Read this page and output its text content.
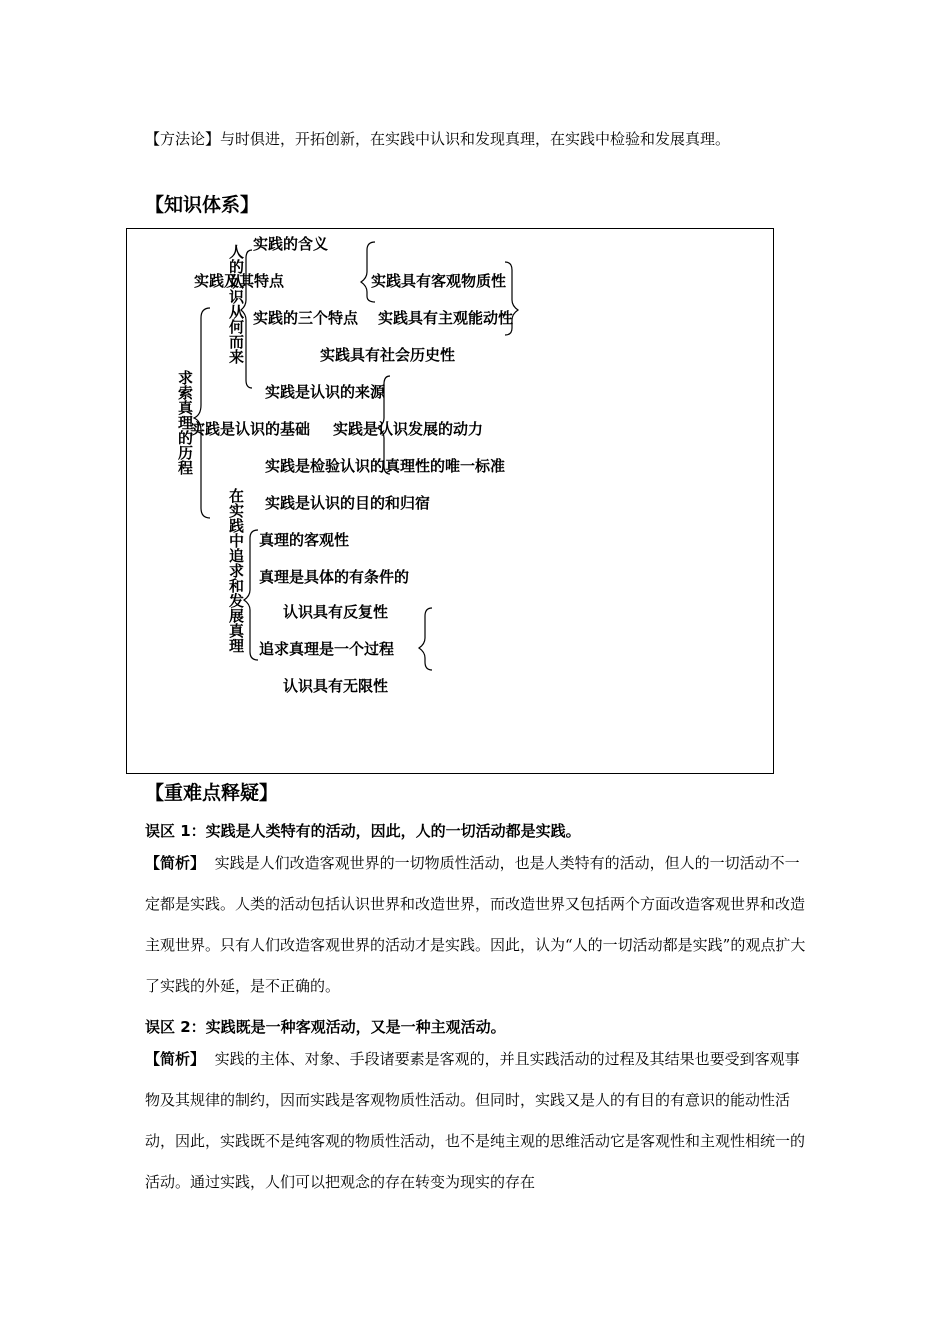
【方法论】与时俱进，开拓创新，在实践中认识和发现真理，在实践中检验和发展真理。
【知识体系】
求索真理的历程
人的认识从何而来
在实践中追求和发展真理
实践的含义
实践及其特点	实践具有客观物质性
实践的三个特点 实践具有主观能动性
实践具有社会历史性
实践是认识的来源
实践是认识的基础 实践是认识发展的动力
实践是检验认识的真理性的唯一标准
实践是认识的目的和归宿
真理的客观性
真理是具体的有条件的
认识具有反复性
追求真理是一个过程
认识具有无限性
【重难点释疑】
误区 1：实践是人类特有的活动，因此，人的一切活动都是实践。
【简析】 实践是人们改造客观世界的一切物质性活动，也是人类特有的活动，但人的一切活动不一定都是实践。人类的活动包括认识世界和改造世界，而改造世界又包括两个方面改造客观世界和改造主观世界。只有人们改造客观世界的活动才是实践。因此，认为“人的一切活动都是实践”的观点扩大了实践的外延，是不正确的。
误区 2：实践既是一种客观活动，又是一种主观活动。
【简析】 实践的主体、对象、手段诸要素是客观的，并且实践活动的过程及其结果也要受到客观事物及其规律的制约，因而实践是客观物质性活动。但同时，实践又是人的有目的有意识的能动性活动，因此，实践既不是纯客观的物质性活动，也不是纯主观的思维活动它是客观性和主观性相统一的活动。通过实践，人们可以把观念的存在转变为现实的存在
